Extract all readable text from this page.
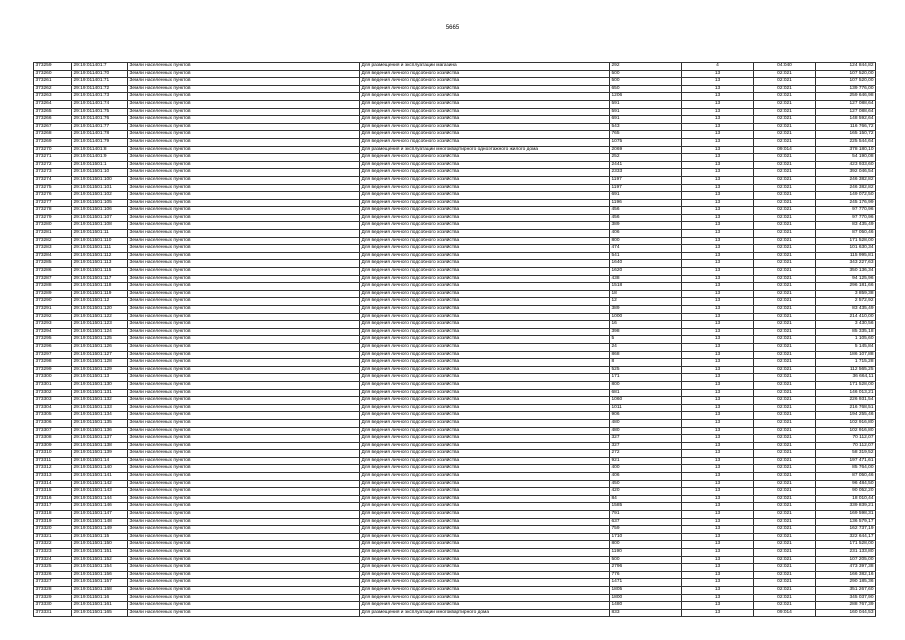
5665
373259	29:19:011401:7	Земли населенных пунктов	Для размещения и эксплуатации магазина	292	4	04:040	124 844,82
373260	29:19:011401:70	Земли населенных пунктов	Для ведения личного подсобного хозяйства	500	13	02:021	107 520,00
373261	29:19:011401:71	Земли населенных пунктов	Для ведения личного подсобного хозяйства	500	13	02:021	107 520,00
373262	29:19:011401:72	Земли населенных пунктов	Для ведения личного подсобного хозяйства	650	13	02:021	139 776,00
373263	29:19:011401:73	Земли населенных пунктов	Для ведения личного подсобного хозяйства	1206	13	02:021	259 646,98
373264	29:19:011401:74	Земли населенных пунктов	Для ведения личного подсобного хозяйства	591	13	02:021	127 088,64
373265	29:19:011401:75	Земли населенных пунктов	Для ведения личного подсобного хозяйства	591	13	02:021	127 088,64
373266	29:19:011401:76	Земли населенных пунктов	Для ведения личного подсобного хозяйства	691	13	02:021	148 592,64
373267	29:19:011401:77	Земли населенных пунктов	Для ведения личного подсобного хозяйства	543	13	02:021	116 766,72
373268	29:19:011401:78	Земли населенных пунктов	Для ведения личного подсобного хозяйства	765	13	02:021	165 150,72
373269	29:19:011401:79	Земли населенных пунктов	Для ведения личного подсобного хозяйства	1075	13	02:021	225 544,64
373270	29:19:011401:8	Земли населенных пунктов	Для размещения и эксплуатации многоквартирного одноэтажного жилого дома	2069	13	09:014	378 180,10
373271	29:19:011401:9	Земли населенных пунктов	Для ведения личного подсобного хозяйства	252	13	02:021	54 190,08
373272	29:19:011501:1	Земли населенных пунктов	Для ведения личного подсобного хозяйства	2441	13	02:021	423 933,60
373273	29:19:011501:10	Земли населенных пунктов	Для ведения личного подсобного хозяйства	2333	13	02:021	392 046,54
373274	29:19:011501:100	Земли населенных пунктов	Для ведения личного подсобного хозяйства	1197	13	02:021	246 382,82
373275	29:19:011501:101	Земли населенных пунктов	Для ведения личного подсобного хозяйства	1197	13	02:021	246 382,82
373276	29:19:011501:102	Земли населенных пунктов	Для ведения личного подсобного хозяйства	691	13	02:021	149 072,50
373277	29:19:011501:105	Земли населенных пунктов	Для ведения личного подсобного хозяйства	1196	13	02:021	245 176,99
373278	29:19:011501:106	Земли населенных пунктов	Для ведения личного подсобного хозяйства	456	13	02:021	97 770,96
373279	29:19:011501:107	Земли населенных пунктов	Для ведения личного подсобного хозяйства	456	13	02:021	97 770,96
373280	29:19:011501:108	Земли населенных пунктов	Для ведения личного подсобного хозяйства	389	13	02:021	83 435,49
373281	29:19:011501:11	Земли населенных пунктов	Для ведения личного подсобного хозяйства	406	13	02:021	87 050,46
373282	29:19:011501:110	Земли населенных пунктов	Для ведения личного подсобного хозяйства	800	13	02:021	171 528,00
373283	29:19:011501:111	Земли населенных пунктов	Для ведения личного подсобного хозяйства	474	13	02:021	101 630,34
373284	29:19:011501:112	Земли населенных пунктов	Для ведения личного подсобного хозяйства	541	13	02:021	115 995,81
373285	29:19:011501:113	Земли населенных пунктов	Для ведения личного подсобного хозяйства	1640	13	02:021	343 227,63
373286	29:19:011501:115	Земли населенных пунктов	Для ведения личного подсобного хозяйства	1620	13	02:021	350 136,34
373287	29:19:011501:117	Земли населенных пунктов	Для ведения личного подсобного хозяйства	438	13	02:021	94 125,96
373288	29:19:011501:118	Земли населенных пунктов	Для ведения личного подсобного хозяйства	1518	13	02:021	296 181,66
373289	29:19:011501:119	Земли населенных пунктов	Для ведения личного подсобного хозяйства	18	13	02:021	3 859,38
373290	29:19:011501:12	Земли населенных пунктов	Для ведения личного подсобного хозяйства	12	13	02:021	2 572,92
373291	29:19:011501:120	Земли населенных пунктов	Для ведения личного подсобного хозяйства	389	13	02:021	83 435,49
373292	29:19:011501:122	Земли населенных пунктов	Для ведения личного подсобного хозяйства	1000	13	02:021	214 410,00
373293	29:19:011501:123	Земли населенных пунктов	Для ведения личного подсобного хозяйства	16	13	02:021	3 430,56
373294	29:19:011501:124	Земли населенных пунктов	Для ведения личного подсобного хозяйства	398	13	02:021	85 335,18
373295	29:19:011501:125	Земли населенных пунктов	Для ведения личного подсобного хозяйства	5	13	02:021	1 105,60
373296	29:19:011501:126	Земли населенных пунктов	Для ведения личного подсобного хозяйства	24	13	02:021	5 145,84
373297	29:19:011501:127	Земли населенных пунктов	Для ведения личного подсобного хозяйства	868	13	02:021	186 107,88
373298	29:19:011501:128	Земли населенных пунктов	Для ведения личного подсобного хозяйства	8	13	02:021	1 715,28
373299	29:19:011501:129	Земли населенных пунктов	Для ведения личного подсобного хозяйства	525	13	02:021	112 565,25
373300	29:19:011501:13	Земли населенных пунктов	Для ведения личного подсобного хозяйства	171	13	02:021	36 664,11
373301	29:19:011501:130	Земли населенных пунктов	Для ведения личного подсобного хозяйства	800	13	02:021	171 528,00
373302	29:19:011501:131	Земли населенных пунктов	Для ведения личного подсобного хозяйства	681	13	02:021	146 013,21
373303	29:19:011501:132	Земли населенных пунктов	Для ведения личного подсобного хозяйства	1060	13	02:021	226 931,54
373304	29:19:011501:133	Земли населенных пунктов	Для ведения личного подсобного хозяйства	1011	13	02:021	216 768,51
373305	29:19:011501:134	Земли населенных пунктов	Для ведения личного подсобного хозяйства	906	13	02:021	194 255,46
373306	29:19:011501:135	Земли населенных пунктов	Для ведения личного подсобного хозяйства	480	13	02:021	102 916,80
373307	29:19:011501:136	Земли населенных пунктов	Для ведения личного подсобного хозяйства	480	13	02:021	102 916,80
373308	29:19:011501:137	Земли населенных пунктов	Для ведения личного подсобного хозяйства	327	13	02:021	70 112,07
373309	29:19:011501:138	Земли населенных пунктов	Для ведения личного подсобного хозяйства	327	13	02:021	70 112,07
373310	29:19:011501:139	Земли населенных пунктов	Для ведения личного подсобного хозяйства	272	13	02:021	58 319,52
373311	29:19:011501:14	Земли населенных пунктов	Для ведения личного подсобного хозяйства	921	13	02:021	197 471,61
373312	29:19:011501:140	Земли населенных пунктов	Для ведения личного подсобного хозяйства	400	13	02:021	85 764,00
373313	29:19:011501:141	Земли населенных пунктов	Для ведения личного подсобного хозяйства	406	13	02:021	87 050,46
373314	29:19:011501:142	Земли населенных пунктов	Для ведения личного подсобного хозяйства	450	13	02:021	96 484,50
373315	29:19:011501:143	Земли населенных пунктов	Для ведения личного подсобного хозяйства	420	13	02:021	90 052,20
373316	29:19:011501:144	Земли населенных пунктов	Для ведения личного подсобного хозяйства	84	13	02:021	18 010,44
373317	29:19:011501:146	Земли населенных пунктов	Для ведения личного подсобного хозяйства	1585	13	02:021	339 839,21
373318	29:19:011501:147	Земли населенных пунктов	Для ведения личного подсобного хозяйства	791	13	02:021	169 598,31
373319	29:19:011501:148	Земли населенных пунктов	Для ведения личного подсобного хозяйства	637	13	02:021	136 579,17
373320	29:19:011501:149	Земли населенных пунктов	Для ведения личного подсобного хозяйства	759	13	02:021	162 737,19
373321	29:19:011501:15	Земли населенных пунктов	Для ведения личного подсобного хозяйства	1710	13	02:021	322 644,17
373322	29:19:011501:150	Земли населенных пунктов	Для ведения личного подсобного хозяйства	800	13	02:021	171 528,00
373323	29:19:011501:151	Земли населенных пунктов	Для ведения личного подсобного хозяйства	1190	13	02:021	231 133,80
373324	29:19:011501:152	Земли населенных пунктов	Для ведения личного подсобного хозяйства	500	13	02:021	107 205,00
373325	29:19:011501:154	Земли населенных пунктов	Для ведения личного подсобного хозяйства	2796	13	02:021	473 397,38
373326	29:19:011501:156	Земли населенных пунктов	Для ведения личного подсобного хозяйства	776	13	02:021	166 382,16
373327	29:19:011501:157	Земли населенных пунктов	Для ведения личного подсобного хозяйства	1471	13	02:021	290 185,36
373328	29:19:011501:158	Земли населенных пунктов	Для ведения личного подсобного хозяйства	1805	13	02:021	351 267,60
373329	29:19:011501:16	Земли населенных пунктов	Для ведения личного подсобного хозяйства	1800	13	02:021	345 037,90
373330	29:19:011501:161	Земли населенных пунктов	Для ведения личного подсобного хозяйства	1480	13	02:021	288 767,39
373331	29:19:011501:165	Земли населенных пунктов	Для размещения и эксплуатации многоквартирного дома	833	13	09:014	160 044,53
